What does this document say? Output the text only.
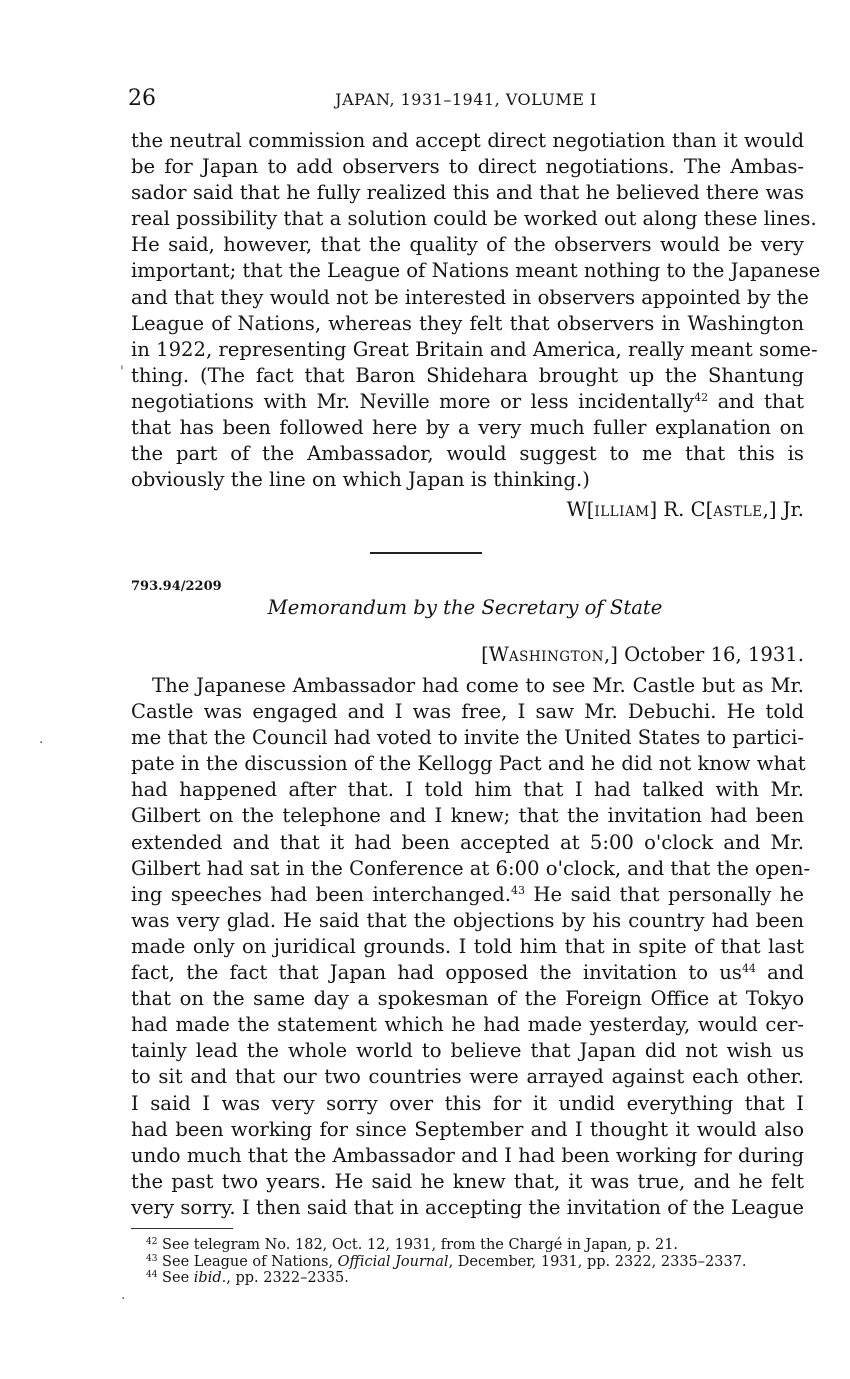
26	JAPAN, 1931–1941, VOLUME I
the neutral commission and accept direct negotiation than it would
be for Japan to add observers to direct negotiations. The Ambas-
sador said that he fully realized this and that he believed there was
real possibility that a solution could be worked out along these lines.
He said, however, that the quality of the observers would be very
important; that the League of Nations meant nothing to the Japanese
and that they would not be interested in observers appointed by the
League of Nations, whereas they felt that observers in Washington
in 1922, representing Great Britain and America, really meant some-
thing. (The fact that Baron Shidehara brought up the Shantung
negotiations with Mr. Neville more or less incidentally$^{42}$ and that
that has been followed here by a very much fuller explanation on
the part of the Ambassador, would suggest to me that this is
obviously the line on which Japan is thinking.)
W[ILLIAM] R. C[ASTLE,] Jr.
793.94/2209
Memorandum by the Secretary of State
[WASHINGTON,] October 16, 1931.
The Japanese Ambassador had come to see Mr. Castle but as Mr.
Castle was engaged and I was free, I saw Mr. Debuchi. He told
me that the Council had voted to invite the United States to partici-
pate in the discussion of the Kellogg Pact and he did not know what
had happened after that. I told him that I had talked with Mr.
Gilbert on the telephone and I knew; that the invitation had been
extended and that it had been accepted at 5:00 o'clock and Mr.
Gilbert had sat in the Conference at 6:00 o'clock, and that the open-
ing speeches had been interchanged.$^{43}$ He said that personally he
was very glad. He said that the objections by his country had been
made only on juridical grounds. I told him that in spite of that last
fact, the fact that Japan had opposed the invitation to $us^{44}$ and
that on the same day a spokesman of the Foreign Office at Tokyo
had made the statement which he had made yesterday, would cer-
tainly lead the whole world to believe that Japan did not wish us
to sit and that our two countries were arrayed against each other.
I said I was very sorry over this for it undid everything that I
had been working for since September and I thought it would also
undo much that the Ambassador and I had been working for during
the past two years. He said he knew that, it was true, and he felt
very sorry. I then said that in accepting the invitation of the League
$^{42}$ See telegram No. 182, Oct. 12, 1931, from the Chargé in Japan, p. 21.
$^{43}$ See League of Nations, Official Journal, December, 1931, pp. 2322, 2335–2337.
$^{44}$ See ibid., pp. 2322–2335.
'
·
·
